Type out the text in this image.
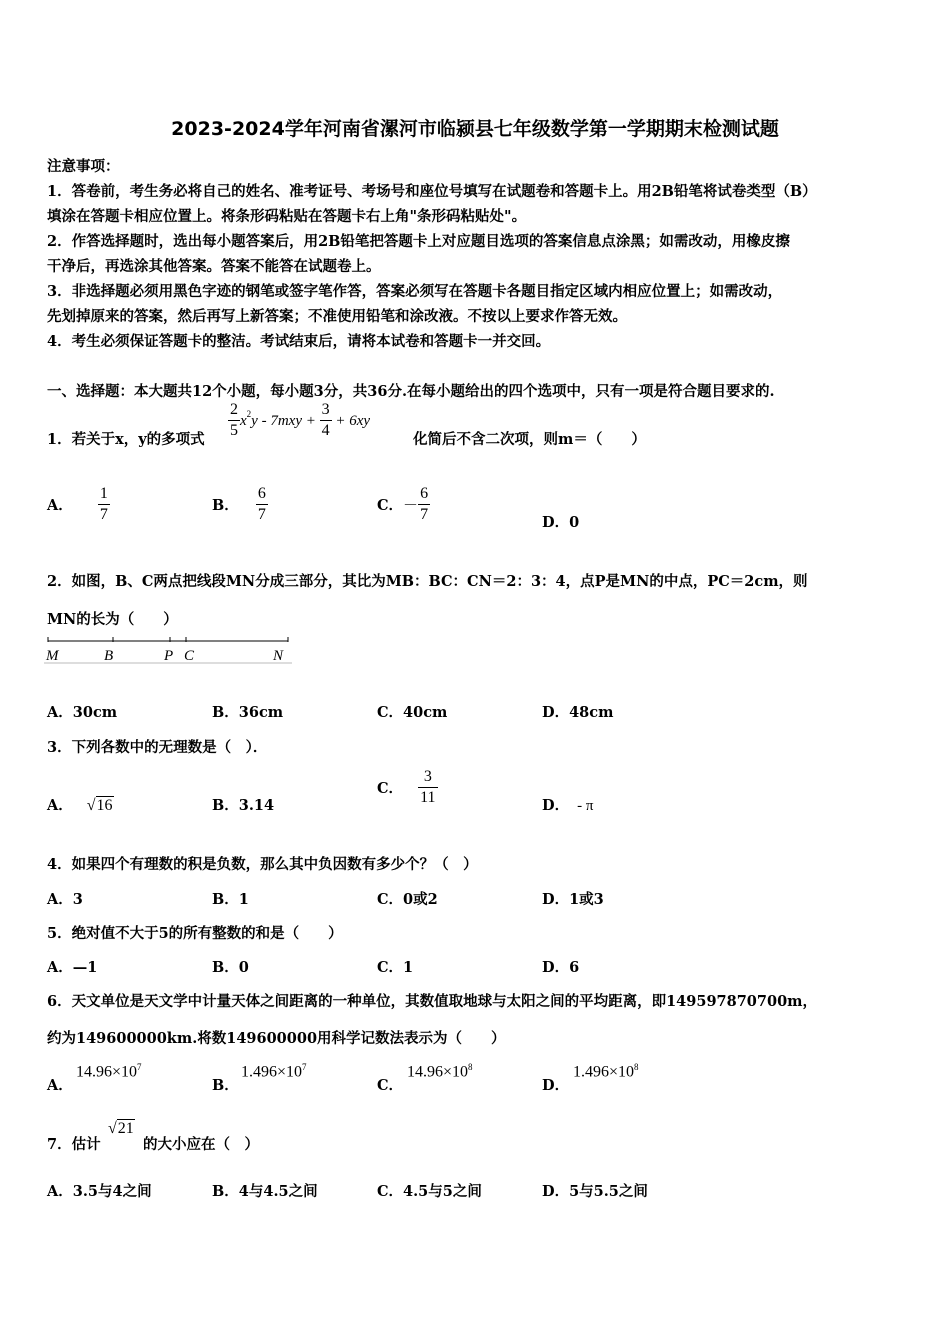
2023-2024学年河南省漯河市临颍县七年级数学第一学期期末检测试题
注意事项：
1．答卷前，考生务必将自己的姓名、准考证号、考场号和座位号填写在试题卷和答题卡上。用2B铅笔将试卷类型（B）
填涂在答题卡相应位置上。将条形码粘贴在答题卡右上角"条形码粘贴处"。
2．作答选择题时，选出每小题答案后，用2B铅笔把答题卡上对应题目选项的答案信息点涂黑；如需改动，用橡皮擦
干净后，再选涂其他答案。答案不能答在试题卷上。
3．非选择题必须用黑色字迹的钢笔或签字笔作答，答案必须写在答题卡各题目指定区域内相应位置上；如需改动，
先划掉原来的答案，然后再写上新答案；不准使用铅笔和涂改液。不按以上要求作答无效。
4．考生必须保证答题卡的整洁。考试结束后，请将本试卷和答题卡一并交回。
一、选择题：本大题共12个小题，每小题3分，共36分.在每小题给出的四个选项中，只有一项是符合题目要求的.
1．若关于x，y的多项式 $\frac{2}{5} x^2y - 7mxy + \frac{3}{4} + 6xy$
化简后不含二次项，则m＝（　　）
A． $\frac{1}{7}$	B． $\frac{6}{7}$	C．－ $\frac{6}{7}$	D．0
2．如图，B、C两点把线段MN分成三部分，其比为MB：BC：CN＝2：3：4，点P是MN的中点，PC＝2cm，则
MN的长为（　　）
M	B	P C	N
A．30cm	B．36cm	C．40cm	D．48cm
3．下列各数中的无理数是（　）．
A． √16	B．3.14
C． $\frac{3}{11}$	D． - π
4．如果四个有理数的积是负数，那么其中负因数有多少个？（　）
A．3	B．1	C．0或2	D．1或3
5．绝对值不大于5的所有整数的和是（　　）
A．—1	B．0	C．1	D．6
6．天文单位是天文学中计量天体之间距离的一种单位，其数值取地球与太阳之间的平均距离，即149597870700m，
约为149600000km.将数149600000用科学记数法表示为（　　）
A．
$14.96\times 10^7$
B．
$1.496\times 10^7$
C．
$14.96\times 10^8$
D．
$1.496\times 10^8$
7．估计
√21
的大小应在（　）
A．3.5与4之间	B．4与4.5之间	C．4.5与5之间	D．5与5.5之间
